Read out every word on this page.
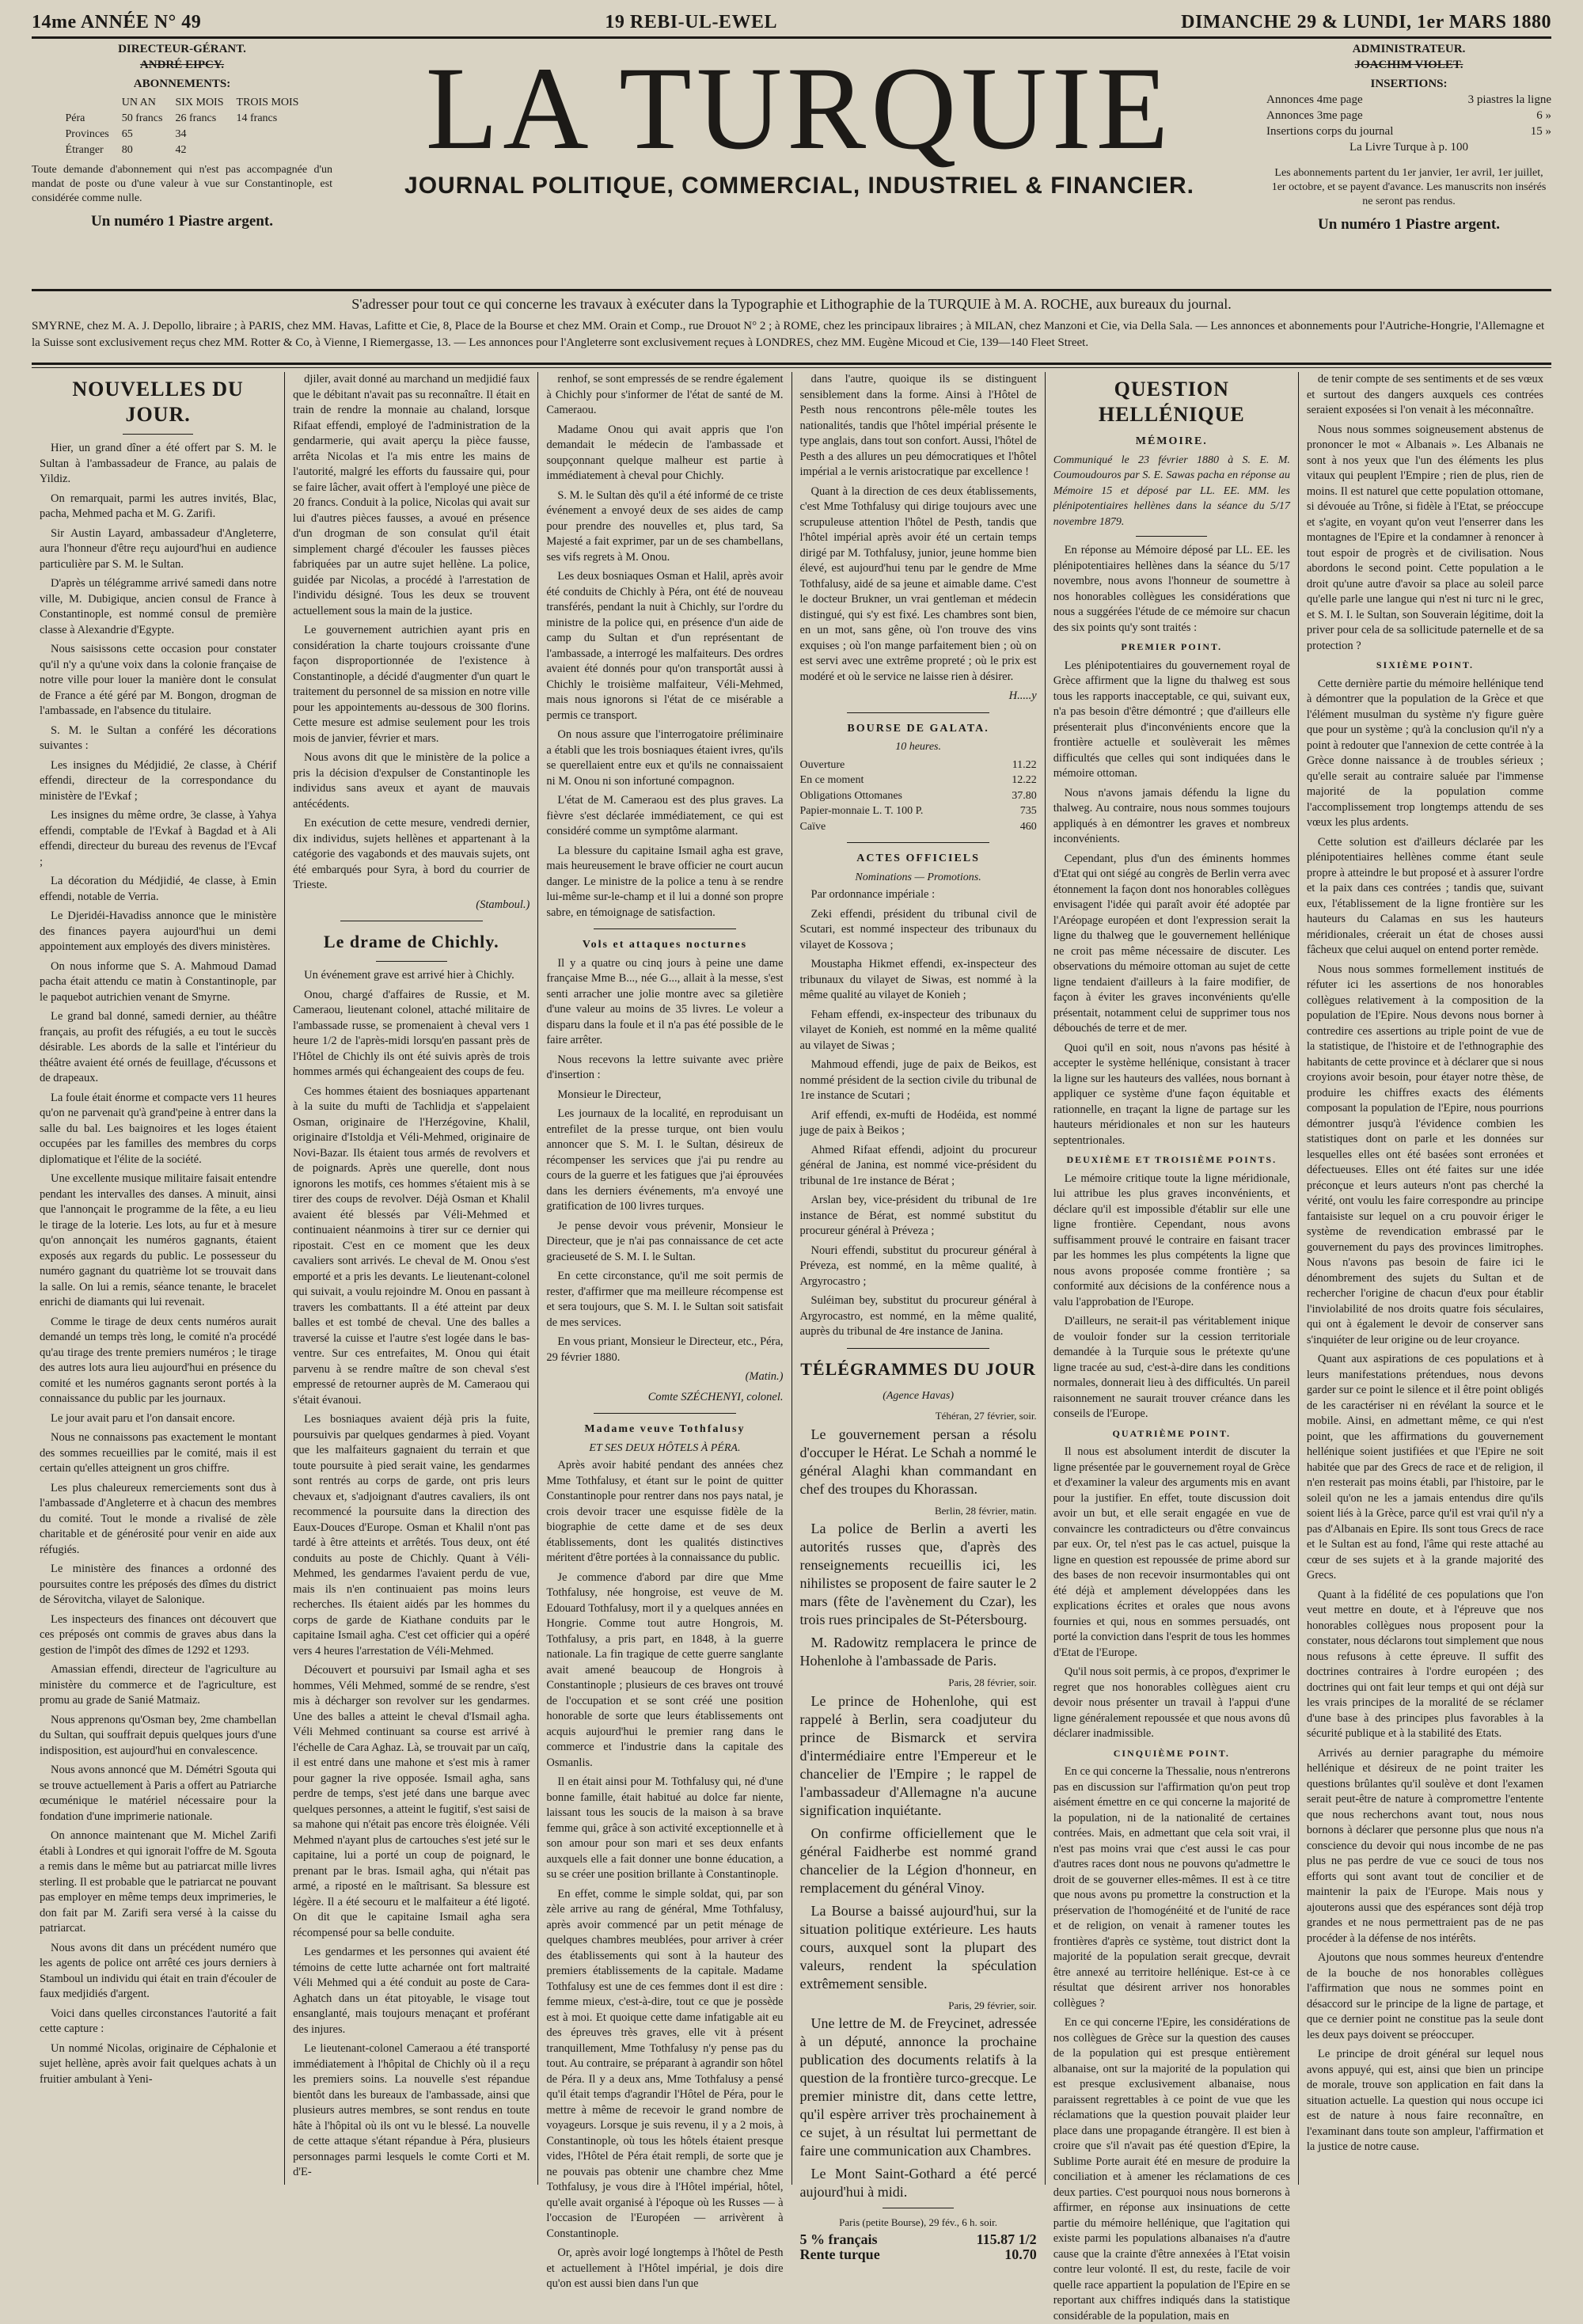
14me ANNÉE N° 49	19 REBI-UL-EWEL	DIMANCHE 29 & LUNDI, 1er MARS 1880
DIRECTEUR-GÉRANT.
ANDRÉ EIPCY.
ABONNEMENTS:
	UN AN	SIX MOIS	TROIS MOIS
Péra	50 francs	26 francs	14 francs
Provinces	65	34	
Étranger	80	42	
Toute demande d'abonnement qui n'est pas accompagnée d'un mandat de poste ou d'une valeur à vue sur Constantinople, est considérée comme nulle.
Un numéro 1 Piastre argent.
LA TURQUIE
JOURNAL POLITIQUE, COMMERCIAL, INDUSTRIEL & FINANCIER.
ADMINISTRATEUR.
JOACHIM VIOLET.
INSERTIONS:
Annonces 4me page	3 piastres la ligne
Annonces 3me page	6 »
Insertions corps du journal	15 »
La Livre Turque à p. 100
Les abonnements partent du 1er janvier, 1er avril, 1er juillet, 1er octobre, et se payent d'avance. Les manuscrits non insérés ne seront pas rendus.
Un numéro 1 Piastre argent.
S'adresser pour tout ce qui concerne les travaux à exécuter dans la Typographie et Lithographie de la TURQUIE à M. A. ROCHE, aux bureaux du journal.
SMYRNE, chez M. A. J. Depollo, libraire ; à PARIS, chez MM. Havas, Lafitte et Cie, 8, Place de la Bourse et chez MM. Orain et Comp., rue Drouot N° 2 ; à ROME, chez les principaux libraires ; à MILAN, chez Manzoni et Cie, via Della Sala. — Les annonces et abonnements pour l'Autriche-Hongrie, l'Allemagne et la Suisse sont exclusivement reçus chez MM. Rotter & Co, à Vienne, I Riemergasse, 13. — Les annonces pour l'Angleterre sont exclusivement reçues à LONDRES, chez MM. Eugène Micoud et Cie, 139—140 Fleet Street.
NOUVELLES DU JOUR.

Hier, un grand dîner a été offert par S. M. le Sultan à l'ambassadeur de France, au palais de Yildiz.

On remarquait, parmi les autres invités, Blac, pacha, Mehmed pacha et M. G. Zarifi.

Sir Austin Layard, ambassadeur d'Angleterre, aura l'honneur d'être reçu aujourd'hui en audience particulière par S. M. le Sultan.

D'après un télégramme arrivé samedi dans notre ville, M. Dubigique, ancien consul de France à Constantinople, est nommé consul de première classe à Alexandrie d'Egypte.

Nous saisissons cette occasion pour constater qu'il n'y a qu'une voix dans la colonie française de notre ville pour louer la manière dont le consulat de France a été géré par M. Bongon, drogman de l'ambassade, en l'absence du titulaire.

S. M. le Sultan a conféré les décorations suivantes :

Les insignes du Médjidié, 2e classe, à Chérif effendi, directeur de la correspondance du ministère de l'Evkaf ;

Les insignes du même ordre, 3e classe, à Yahya effendi, comptable de l'Evkaf à Bagdad et à Ali effendi, directeur du bureau des revenus de l'Evcaf ;

La décoration du Médjidié, 4e classe, à Emin effendi, notable de Verria.

Le Djeridéi-Havadiss annonce que le ministère des finances payera aujourd'hui un demi appointement aux employés des divers ministères.

On nous informe que S. A. Mahmoud Damad pacha était attendu ce matin à Constantinople, par le paquebot autrichien venant de Smyrne.

Le grand bal donné, samedi dernier, au théâtre français, au profit des réfugiés, a eu tout le succès désirable. Les abords de la salle et l'intérieur du théâtre avaient été ornés de feuillage, d'écussons et de drapeaux.

La foule était énorme et compacte vers 11 heures qu'on ne parvenait qu'à grand'peine à entrer dans la salle du bal. Les baignoires et les loges étaient occupées par les familles des membres du corps diplomatique et l'élite de la société.

Une excellente musique militaire faisait entendre pendant les intervalles des danses. A minuit, ainsi que l'annonçait le programme de la fête, a eu lieu le tirage de la loterie. Les lots, au fur et à mesure qu'on annonçait les numéros gagnants, étaient exposés aux regards du public. Le possesseur du numéro gagnant du quatrième lot se trouvait dans la salle. On lui a remis, séance tenante, le bracelet enrichi de diamants qui lui revenait.

Comme le tirage de deux cents numéros aurait demandé un temps très long, le comité n'a procédé qu'au tirage des trente premiers numéros ; le tirage des autres lots aura lieu aujourd'hui en présence du comité et les numéros gagnants seront portés à la connaissance du public par les journaux.

Le jour avait paru et l'on dansait encore.

Nous ne connaissons pas exactement le montant des sommes recueillies par le comité, mais il est certain qu'elles atteignent un gros chiffre.

Les plus chaleureux remerciements sont dus à l'ambassade d'Angleterre et à chacun des membres du comité. Tout le monde a rivalisé de zèle charitable et de générosité pour venir en aide aux réfugiés.

Le ministère des finances a ordonné des poursuites contre les préposés des dîmes du district de Sérovitcha, vilayet de Salonique.

Les inspecteurs des finances ont découvert que ces préposés ont commis de graves abus dans la gestion de l'impôt des dîmes de 1292 et 1293.

Amassian effendi, directeur de l'agriculture au ministère du commerce et de l'agriculture, est promu au grade de Sanié Matmaiz.

Nous apprenons qu'Osman bey, 2me chambellan du Sultan, qui souffrait depuis quelques jours d'une indisposition, est aujourd'hui en convalescence.

Nous avons annoncé que M. Démétri Sgouta qui se trouve actuellement à Paris a offert au Patriarche œcuménique le matériel nécessaire pour la fondation d'une imprimerie nationale.

On annonce maintenant que M. Michel Zarifi établi à Londres et qui ignorait l'offre de M. Sgouta a remis dans le même but au patriarcat mille livres sterling. Il est probable que le patriarcat ne pouvant pas employer en même temps deux imprimeries, le don fait par M. Zarifi sera versé à la caisse du patriarcat.

Nous avons dit dans un précédent numéro que les agents de police ont arrêté ces jours derniers à Stamboul un individu qui était en train d'écouler de faux medjidiés d'argent.

Voici dans quelles circonstances l'autorité a fait cette capture :

Un nommé Nicolas, originaire de Céphalonie et sujet hellène, après avoir fait quelques achats à un fruitier ambulant à Yeni-

djiler, avait donné au marchand un medjidié faux que le débitant n'avait pas su reconnaître. Il était en train de rendre la monnaie au chaland, lorsque Rifaat effendi, employé de l'administration de la gendarmerie, qui avait aperçu la pièce fausse, arrêta Nicolas et l'a mis entre les mains de l'autorité, malgré les efforts du faussaire qui, pour se faire lâcher, avait offert à l'employé une pièce de 20 francs. Conduit à la police, Nicolas qui avait sur lui d'autres pièces fausses, a avoué en présence d'un drogman de son consulat qu'il était simplement chargé d'écouler les fausses pièces fabriquées par un autre sujet hellène. La police, guidée par Nicolas, a procédé à l'arrestation de l'individu désigné. Tous les deux se trouvent actuellement sous la main de la justice.

Le gouvernement autrichien ayant pris en considération la charte toujours croissante d'une façon disproportionnée de l'existence à Constantinople, a décidé d'augmenter d'un quart le traitement du personnel de sa mission en notre ville pour les appointements au-dessous de 300 florins. Cette mesure est admise seulement pour les trois mois de janvier, février et mars.

Nous avons dit que le ministère de la police a pris la décision d'expulser de Constantinople les individus sans aveux et ayant de mauvais antécédents.

En exécution de cette mesure, vendredi dernier, dix individus, sujets hellènes et appartenant à la catégorie des vagabonds et des mauvais sujets, ont été embarqués pour Syra, à bord du courrier de Trieste.

(Stamboul.)
Le drame de Chichly.

Un événement grave est arrivé hier à Chichly.

Onou, chargé d'affaires de Russie, et M. Cameraou, lieutenant colonel, attaché militaire de l'ambassade russe, se promenaient à cheval vers 1 heure 1/2 de l'après-midi lorsqu'en passant près de l'Hôtel de Chichly ils ont été suivis après de trois hommes armés qui échangeaient des coups de feu.

Ces hommes étaient des bosniaques appartenant à la suite du mufti de Tachlidja et s'appelaient Osman, originaire de l'Herzégovine, Khalil, originaire d'Istoldja et Véli-Mehmed, originaire de Novi-Bazar. Ils étaient tous armés de revolvers et de poignards. Après une querelle, dont nous ignorons les motifs, ces hommes s'étaient mis à se tirer des coups de revolver. Déjà Osman et Khalil avaient été blessés par Véli-Mehmed et continuaient néanmoins à tirer sur ce dernier qui ripostait. C'est en ce moment que les deux cavaliers sont arrivés. Le cheval de M. Onou s'est emporté et a pris les devants. Le lieutenant-colonel qui suivait, a voulu rejoindre M. Onou en passant à travers les combattants. Il a été atteint par deux balles et est tombé de cheval. Une des balles a traversé la cuisse et l'autre s'est logée dans le bas-ventre. Sur ces entrefaites, M. Onou qui était parvenu à se rendre maître de son cheval s'est empressé de retourner auprès de M. Cameraou qui s'était évanoui.

Les bosniaques avaient déjà pris la fuite, poursuivis par quelques gendarmes à pied. Voyant que les malfaiteurs gagnaient du terrain et que toute poursuite à pied serait vaine, les gendarmes sont rentrés au corps de garde, ont pris leurs chevaux et, s'adjoignant d'autres cavaliers, ils ont recommencé la poursuite dans la direction des Eaux-Douces d'Europe. Osman et Khalil n'ont pas tardé à être atteints et arrêtés. Tous deux, ont été conduits au poste de Chichly. Quant à Véli-Mehmed, les gendarmes l'avaient perdu de vue, mais ils n'en continuaient pas moins leurs recherches. Ils étaient aidés par les hommes du corps de garde de Kiathane conduits par le capitaine Ismail agha. C'est cet officier qui a opéré vers 4 heures l'arrestation de Véli-Mehmed.

Découvert et poursuivi par Ismail agha et ses hommes, Véli Mehmed, sommé de se rendre, s'est mis à décharger son revolver sur les gendarmes. Une des balles a atteint le cheval d'Ismail agha. Véli Mehmed continuant sa course est arrivé à l'échelle de Cara Aghaz. Là, se trouvait par un caïq, il est entré dans une mahone et s'est mis à ramer pour gagner la rive opposée. Ismail agha, sans perdre de temps, s'est jeté dans une barque avec quelques personnes, a atteint le fugitif, s'est saisi de sa mahone qui n'était pas encore très éloignée. Véli Mehmed n'ayant plus de cartouches s'est jeté sur le capitaine, lui a porté un coup de poignard, le prenant par le bras. Ismail agha, qui n'était pas armé, a riposté en le maîtrisant. Sa blessure est légère. Il a été secouru et le malfaiteur a été ligoté. On dit que le capitaine Ismail agha sera récompensé pour sa belle conduite.

Les gendarmes et les personnes qui avaient été témoins de cette lutte acharnée ont fort maltraité Véli Mehmed qui a été conduit au poste de Cara-Aghatch dans un état pitoyable, le visage tout ensanglanté, mais toujours menaçant et proférant des injures.

Le lieutenant-colonel Cameraou a été transporté immédiatement à l'hôpital de Chichly où il a reçu les premiers soins. La nouvelle s'est répandue bientôt dans les bureaux de l'ambassade, ainsi que plusieurs autres membres, se sont rendus en toute hâte à l'hôpital où ils ont vu le blessé. La nouvelle de cette attaque s'étant répandue à Péra, plusieurs personnages parmi lesquels le comte Corti et M. d'E-

renhof, se sont empressés de se rendre également à Chichly pour s'informer de l'état de santé de M. Cameraou.

Madame Onou qui avait appris que l'on demandait le médecin de l'ambassade et soupçonnant quelque malheur est partie à immédiatement à cheval pour Chichly.

S. M. le Sultan dès qu'il a été informé de ce triste événement a envoyé deux de ses aides de camp pour prendre des nouvelles et, plus tard, Sa Majesté a fait exprimer, par un de ses chambellans, ses vifs regrets à M. Onou.

Les deux bosniaques Osman et Halil, après avoir été conduits de Chichly à Péra, ont été de nouveau transférés, pendant la nuit à Chichly, sur l'ordre du ministre de la police qui, en présence d'un aide de camp du Sultan et d'un représentant de l'ambassade, a interrogé les malfaiteurs. Des ordres avaient été donnés pour qu'on transportât aussi à Chichly le troisième malfaiteur, Véli-Mehmed, mais nous ignorons si l'état de ce misérable a permis ce transport.

On nous assure que l'interrogatoire préliminaire a établi que les trois bosniaques étaient ivres, qu'ils se querellaient entre eux et qu'ils ne connaissaient ni M. Onou ni son infortuné compagnon.

L'état de M. Cameraou est des plus graves. La fièvre s'est déclarée immédiatement, ce qui est considéré comme un symptôme alarmant.

La blessure du capitaine Ismail agha est grave, mais heureusement le brave officier ne court aucun danger. Le ministre de la police a tenu à se rendre lui-même sur-le-champ et il lui a donné son propre sabre, en témoignage de satisfaction.

Vols et attaques nocturnes

Il y a quatre ou cinq jours à peine une dame française Mme B..., née G..., allait à la messe, s'est senti arracher une jolie montre avec sa giletière d'une valeur au moins de 35 livres. Le voleur a disparu dans la foule et il n'a pas été possible de le faire arrêter.

Nous recevons la lettre suivante avec prière d'insertion :

Monsieur le Directeur,

Les journaux de la localité, en reproduisant un entrefilet de la presse turque, ont bien voulu annoncer que S. M. I. le Sultan, désireux de récompenser les services que j'ai pu rendre au cours de la guerre et les fatigues que j'ai éprouvées dans les derniers événements, m'a envoyé une gratification de 100 livres turques.

Je pense devoir vous prévenir, Monsieur le Directeur, que je n'ai pas connaissance de cet acte gracieuseté de S. M. I. le Sultan.

En cette circonstance, qu'il me soit permis de rester, d'affirmer que ma meilleure récompense est et sera toujours, que S. M. I. le Sultan soit satisfait de mes services.

En vous priant, Monsieur le Directeur, etc., Péra, 29 février 1880.

(Matin.)
Comte SZÉCHENYI, colonel.
Madame veuve Tothfalusy
ET SES DEUX HÔTELS À PÉRA.

Après avoir habité pendant des années chez Mme Tothfalusy, et étant sur le point de quitter Constantinople pour rentrer dans nos pays natal, je crois devoir tracer une esquisse fidèle de la biographie de cette dame et de ses deux établissements, dont les qualités distinctives méritent d'être portées à la connaissance du public.

Je commence d'abord par dire que Mme Tothfalusy, née hongroise, est veuve de M. Edouard Tothfalusy, mort il y a quelques années en Hongrie. Comme tout autre Hongrois, M. Tothfalusy, a pris part, en 1848, à la guerre nationale. La fin tragique de cette guerre sanglante avait amené beaucoup de Hongrois à Constantinople ; plusieurs de ces braves ont trouvé de l'occupation et se sont créé une position honorable de sorte que leurs établissements ont acquis aujourd'hui le premier rang dans le commerce et l'industrie dans la capitale des Osmanlis.

Il en était ainsi pour M. Tothfalusy qui, né d'une bonne famille, était habitué au dolce far niente, laissant tous les soucis de la maison à sa brave femme qui, grâce à son activité exceptionnelle et à son amour pour son mari et ses deux enfants auxquels elle a fait donner une bonne éducation, a su se créer une position brillante à Constantinople.

En effet, comme le simple soldat, qui, par son zèle arrive au rang de général, Mme Tothfalusy, après avoir commencé par un petit ménage de quelques chambres meublées, pour arriver à créer des établissements qui sont à la hauteur des premiers établissements de la capitale. Madame Tothfalusy est une de ces femmes dont il est dire : femme mieux, c'est-à-dire, tout ce que je possède est à moi. Et quoique cette dame infatigable ait eu des épreuves très graves, elle vit à présent tranquillement, Mme Tothfalusy n'y pense pas du tout. Au contraire, se préparant à agrandir son hôtel de Péra. Il y a deux ans, Mme Tothfalusy a pensé qu'il était temps d'agrandir l'Hôtel de Péra, pour le mettre à même de recevoir le grand nombre de voyageurs. Lorsque je suis revenu, il y a 2 mois, à Constantinople, où tous les hôtels étaient presque vides, l'Hôtel de Péra était rempli, de sorte que je ne pouvais pas obtenir une chambre chez Mme Tothfalusy, je vous dire à l'Hôtel impérial, hôtel, qu'elle avait organisé à l'époque où les Russes — à l'occasion de l'Européen — arrivèrent à Constantinople.

Or, après avoir logé longtemps à l'hôtel de Pesth et actuellement à l'Hôtel impérial, je dois dire qu'on est aussi bien dans l'un que

dans l'autre, quoique ils se distinguent sensiblement dans la forme. Ainsi à l'Hôtel de Pesth nous rencontrons pêle-mêle toutes les nationalités, tandis que l'hôtel impérial présente le type anglais, dans tout son confort. Aussi, l'hôtel de Pesth a des allures un peu démocratiques et l'hôtel impérial a le vernis aristocratique par excellence !

Quant à la direction de ces deux établissements, c'est Mme Tothfalusy qui dirige toujours avec une scrupuleuse attention l'hôtel de Pesth, tandis que l'hôtel impérial après avoir été un certain temps dirigé par M. Tothfalusy, junior, jeune homme bien élevé, est aujourd'hui tenu par le gendre de Mme Tothfalusy, aidé de sa jeune et aimable dame. C'est le docteur Brukner, un vrai gentleman et médecin distingué, qui s'y est fixé. Les chambres sont bien, en un mot, sans gêne, où l'on trouve des vins exquises ; où l'on mange parfaitement bien ; où on est servi avec une extrême propreté ; où le prix est modéré et où le service ne laisse rien à désirer.

H.....y
BOURSE DE GALATA.
10 heures.
Ouverture	11.22
En ce moment	12.22
Obligations Ottomanes	37.80
Papier-monnaie L. T. 100 P.	735
Caïve	460
ACTES OFFICIELS
Nominations — Promotions.

Par ordonnance impériale :

Zeki effendi, président du tribunal civil de Scutari, est nommé inspecteur des tribunaux du vilayet de Kossova ;

Moustapha Hikmet effendi, ex-inspecteur des tribunaux du vilayet de Siwas, est nommé à la même qualité au vilayet de Konieh ;

Feham effendi, ex-inspecteur des tribunaux du vilayet de Konieh, est nommé en la même qualité au vilayet de Siwas ;

Mahmoud effendi, juge de paix de Beikos, est nommé président de la section civile du tribunal de 1re instance de Scutari ;

Arif effendi, ex-mufti de Hodéida, est nommé juge de paix à Beikos ;

Ahmed Rifaat effendi, adjoint du procureur général de Janina, est nommé vice-président du tribunal de 1re instance de Bérat ;

Arslan bey, vice-président du tribunal de 1re instance de Bérat, est nommé substitut du procureur général à Préveza ;

Nouri effendi, substitut du procureur général à Préveza, est nommé, en la même qualité, à Argyrocastro ;

Suléiman bey, substitut du procureur général à Argyrocastro, est nommé, en la même qualité, auprès du tribunal de 4re instance de Janina.

TÉLÉGRAMMES DU JOUR
(Agence Havas)
Téhéran, 27 février, soir.

Le gouvernement persan a résolu d'occuper le Hérat. Le Schah a nommé le général Alaghi khan commandant en chef des troupes du Khorassan.

Berlin, 28 février, matin.

La police de Berlin a averti les autorités russes que, d'après des renseignements recueillis ici, les nihilistes se proposent de faire sauter le 2 mars (fête de l'avènement du Czar), les trois rues principales de St-Pétersbourg.

M. Radowitz remplacera le prince de Hohenlohe à l'ambassade de Paris.

Paris, 28 février, soir.

Le prince de Hohenlohe, qui est rappelé à Berlin, sera coadjuteur du prince de Bismarck et servira d'intermédiaire entre l'Empereur et le chancelier de l'Empire ; le rappel de l'ambassadeur d'Allemagne n'a aucune signification inquiétante.

On confirme officiellement que le général Faidherbe est nommé grand chancelier de la Légion d'honneur, en remplacement du général Vinoy.

La Bourse a baissé aujourd'hui, sur la situation politique extérieure. Les hauts cours, auxquel sont la plupart des valeurs, rendent la spéculation extrêmement sensible.

Paris, 29 février, soir.

Une lettre de M. de Freycinet, adressée à un député, annonce la prochaine publication des documents relatifs à la question de la frontière turco-grecque. Le premier ministre dit, dans cette lettre, qu'il espère arriver très prochainement à ce sujet, à un résultat lui permettant de faire une communication aux Chambres.

Le Mont Saint-Gothard a été percé aujourd'hui à midi.

Paris (petite Bourse), 29 fév., 6 h. soir.
5 % français	115.87 1/2
Rente turque	10.70
QUESTION HELLÉNIQUE
MÉMOIRE.
Communiqué le 23 février 1880 à S. E. M. Coumoudouros par S. E. Sawas pacha en réponse au Mémoire 15 et déposé par LL. EE. MM. les plénipotentiaires hellènes dans la séance du 5/17 novembre 1879.

En réponse au Mémoire déposé par LL. EE. les plénipotentiaires hellènes dans la séance du 5/17 novembre, nous avons l'honneur de soumettre à nos honorables collègues les considérations que nous a suggérées l'étude de ce mémoire sur chacun des six points qu'y sont traités :

PREMIER POINT.

Les plénipotentiaires du gouvernement royal de Grèce affirment que la ligne du thalweg est sous tous les rapports inacceptable, ce qui, suivant eux, n'a pas besoin d'être démontré ; que d'ailleurs elle présenterait plus d'inconvénients encore que la frontière actuelle et soulèverait les mêmes difficultés que celles qui sont indiquées dans le mémoire ottoman.

Nous n'avons jamais défendu la ligne du thalweg. Au contraire, nous nous sommes toujours appliqués à en démontrer les graves et nombreux inconvénients.

Cependant, plus d'un des éminents hommes d'Etat qui ont siégé au congrès de Berlin verra avec étonnement la façon dont nos honorables collègues envisagent l'idée qui paraît avoir été adoptée par l'Aréopage européen et dont l'expression serait la ligne du thalweg que le gouvernement hellénique ne croit pas même nécessaire de discuter. Les observations du mémoire ottoman au sujet de cette ligne tendaient d'ailleurs à la faire modifier, de façon à éviter les graves inconvénients qu'elle présentait, notamment celui de supprimer tous nos débouchés de terre et de mer.

Quoi qu'il en soit, nous n'avons pas hésité à accepter le système hellénique, consistant à tracer la ligne sur les hauteurs des vallées, nous bornant à appliquer ce système d'une façon équitable et rationnelle, en traçant la ligne de partage sur les hauteurs méridionales et non sur les hauteurs septentrionales.

DEUXIÈME ET TROISIÈME POINTS.

Le mémoire critique toute la ligne méridionale, lui attribue les plus graves inconvénients, et déclare qu'il est impossible d'établir sur elle une ligne frontière. Cependant, nous avons suffisamment prouvé le contraire en faisant tracer par les hommes les plus compétents la ligne que nous avons proposée comme frontière ; sa conformité aux décisions de la conférence nous a valu l'approbation de l'Europe.

D'ailleurs, ne serait-il pas véritablement inique de vouloir fonder sur la cession territoriale demandée à la Turquie sous le prétexte qu'une ligne tracée au sud, c'est-à-dire dans les conditions normales, donnerait lieu à des difficultés. Un pareil raisonnement ne saurait trouver créance dans les conseils de l'Europe.

QUATRIÈME POINT.

Il nous est absolument interdit de discuter la ligne présentée par le gouvernement royal de Grèce et d'examiner la valeur des arguments mis en avant pour la justifier. En effet, toute discussion doit avoir un but, et elle serait engagée en vue de convaincre les contradicteurs ou d'être convaincus par eux. Or, tel n'est pas le cas actuel, puisque la ligne en question est repoussée de prime abord sur des bases de non recevoir insurmontables qui ont été déjà et amplement développées dans les explications écrites et orales que nous avons fournies et qui, nous en sommes persuadés, ont porté la conviction dans l'esprit de tous les hommes d'Etat de l'Europe.

Qu'il nous soit permis, à ce propos, d'exprimer le regret que nos honorables collègues aient cru devoir nous présenter un travail à l'appui d'une ligne généralement repoussée et que nous avons dû déclarer inadmissible.

CINQUIÈME POINT.

En ce qui concerne la Thessalie, nous n'entrerons pas en discussion sur l'affirmation qu'on peut trop aisément émettre en ce qui concerne la majorité de la population, ni de la nationalité de certaines contrées. Mais, en admettant que cela soit vrai, il n'est pas moins vrai que c'est aussi le cas pour d'autres races dont nous ne pouvons qu'admettre le droit de se gouverner elles-mêmes. Il est à ce titre que nous avons pu promettre la construction et la préservation de l'homogénéité et de l'unité de race et de religion, on venait à ramener toutes les frontières d'après ce système, tout district dont la majorité de la population serait grecque, devrait être annexé au territoire hellénique. Est-ce à ce résultat que désirent arriver nos honorables collègues ?

En ce qui concerne l'Epire, les considérations de nos collègues de Grèce sur la question des causes de la population qui est presque entièrement albanaise, ont sur la majorité de la population qui est presque exclusivement albanaise, nous paraissent regrettables à ce point de vue que les réclamations que la question pouvait plaider leur place dans une propagande étrangère. Il est bien à croire que s'il n'avait pas été question d'Epire, la Sublime Porte aurait été en mesure de produire la conciliation et à amener les réclamations de ces deux parties. C'est pourquoi nous nous bornerons à affirmer, en réponse aux insinuations de cette partie du mémoire hellénique, que l'agitation qui existe parmi les populations albanaises n'a d'autre cause que la crainte d'être annexées à l'Etat voisin contre leur volonté. Il est, du reste, facile de voir quelle race appartient la population de l'Epire en se reportant aux chiffres indiqués dans la statistique considérable de la population, mais en

de tenir compte de ses sentiments et de ses vœux et surtout des dangers auxquels ces contrées seraient exposées si l'on venait à les méconnaître.

Nous nous sommes soigneusement abstenus de prononcer le mot « Albanais ». Les Albanais ne sont à nos yeux que l'un des éléments les plus vitaux qui peuplent l'Empire ; rien de plus, rien de moins. Il est naturel que cette population ottomane, si dévouée au Trône, si fidèle à l'Etat, se préoccupe et s'agite, en voyant qu'on veut l'enserrer dans les montagnes de l'Epire et la condamner à renoncer à tout espoir de progrès et de civilisation. Nous abordons le second point. Cette population a le droit qu'une autre d'avoir sa place au soleil parce qu'elle parle une langue qui n'est ni turc ni le grec, et S. M. I. le Sultan, son Souverain légitime, doit la priver pour cela de sa sollicitude paternelle et de sa protection ?

SIXIÈME POINT.

Cette dernière partie du mémoire hellénique tend à démontrer que la population de la Grèce et que l'élément musulman du système n'y figure guère que pour un système ; qu'à la conclusion qu'il n'y a point à redouter que l'annexion de cette contrée à la Grèce donne naissance à de troubles sérieux ; qu'elle serait au contraire saluée par l'immense majorité de la population comme l'accomplissement trop longtemps attendu de ses vœux les plus ardents.

Cette solution est d'ailleurs déclarée par les plénipotentiaires hellènes comme étant seule propre à atteindre le but proposé et à assurer l'ordre et la paix dans ces contrées ; tandis que, suivant eux, l'établissement de la ligne frontière sur les hauteurs du Calamas en sus les hauteurs méridionales, créerait un état de choses aussi fâcheux que celui auquel on entend porter remède.

Nous nous sommes formellement institués de réfuter ici les assertions de nos honorables collègues relativement à la composition de la population de l'Epire. Nous devons nous borner à contredire ces assertions au triple point de vue de la statistique, de l'histoire et de l'ethnographie des habitants de cette province et à déclarer que si nous croyions avoir besoin, pour étayer notre thèse, de produire les chiffres exacts des éléments composant la population de l'Epire, nous pourrions démontrer jusqu'à l'évidence combien les statistiques dont on parle et les données sur lesquelles elles ont été basées sont erronées et défectueuses. Elles ont été faites sur une idée préconçue et leurs auteurs n'ont pas cherché la vérité, ont voulu les faire correspondre au principe fantaisiste sur lequel on a cru pouvoir ériger le système de revendication embrassé par le gouvernement du pays des provinces limitrophes. Nous n'avons pas besoin de faire ici le dénombrement des sujets du Sultan et de rechercher l'origine de chacun d'eux pour établir l'inviolabilité de nos droits quatre fois séculaires, qui ont à également le devoir de conserver sans s'inquiéter de leur origine ou de leur croyance.

Quant aux aspirations de ces populations et à leurs manifestations prétendues, nous devons garder sur ce point le silence et il être point obligés de les caractériser ni en révélant la source et le mobile. Ainsi, en admettant même, ce qui n'est point, que les affirmations du gouvernement hellénique soient justifiées et que l'Epire ne soit habitée que par des Grecs de race et de religion, il n'en resterait pas moins établi, par l'histoire, par le soleil qu'on ne les a jamais entendus dire qu'ils soient liés à la Grèce, parce qu'il est vrai qu'il n'y a pas d'Albanais en Epire. Ils sont tous Grecs de race et le Sultan est au fond, l'âme qui reste attaché au cœur de ses sujets et à la grande majorité des Grecs.

Quant à la fidélité de ces populations que l'on veut mettre en doute, et à l'épreuve que nos honorables collègues nous proposent pour la constater, nous déclarons tout simplement que nous nous refusons à cette épreuve. Il suffit des doctrines contraires à l'ordre européen ; des doctrines qui ont fait leur temps et qui ont déjà sur les vrais principes de la moralité de se réclamer d'une base à des principes plus favorables à la sécurité publique et à la stabilité des Etats.

Arrivés au dernier paragraphe du mémoire hellénique et désireux de ne point traiter les questions brûlantes qu'il soulève et dont l'examen serait peut-être de nature à compromettre l'entente que nous recherchons avant tout, nous nous bornons à déclarer que personne plus que nous n'a conscience du devoir qui nous incombe de ne pas plus ne pas perdre de vue ce souci de tous nos efforts qui sont avant tout de concilier et de maintenir la paix de l'Europe. Mais nous y ajouterons aussi que des espérances sont déjà trop grandes et ne nous permettraient pas de ne pas procéder à la défense de nos intérêts.

Ajoutons que nous sommes heureux d'entendre de la bouche de nos honorables collègues l'affirmation que nous ne sommes point en désaccord sur le principe de la ligne de partage, et que ce dernier point ne constitue pas la seule dont les deux pays doivent se préoccuper.

Le principe de droit général sur lequel nous avons appuyé, qui est, ainsi que bien un principe de morale, trouve son application en fait dans la situation actuelle. La question qui nous occupe ici est de nature à nous faire reconnaître, en l'examinant dans toute son ampleur, l'affirmation et la justice de notre cause.
